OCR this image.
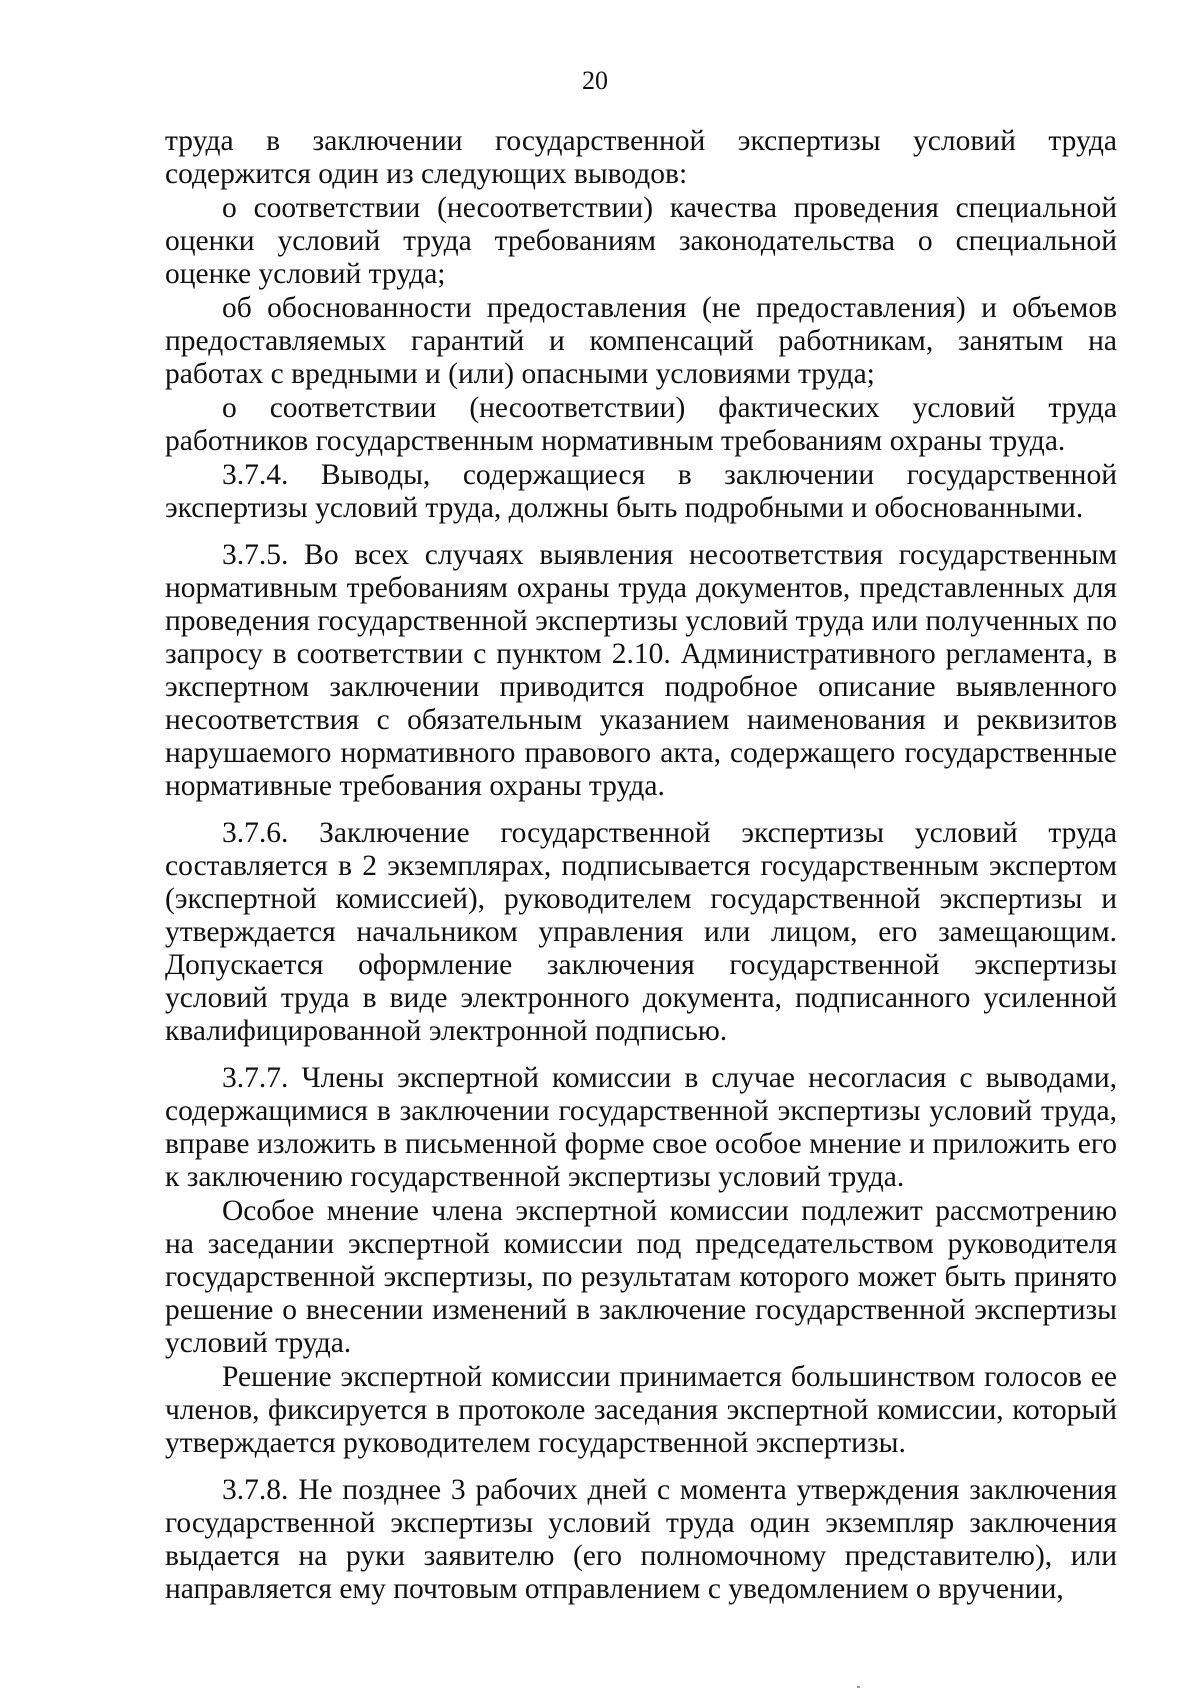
20

труда в заключении государственной экспертизы условий труда содержится один из следующих выводов:

о соответствии (несоответствии) качества проведения специальной оценки условий труда требованиям законодательства о специальной оценке условий труда;

об обоснованности предоставления (не предоставления) и объемов предоставляемых гарантий и компенсаций работникам, занятым на работах с вредными и (или) опасными условиями труда;

о соответствии (несоответствии) фактических условий труда работников государственным нормативным требованиям охраны труда.

3.7.4. Выводы, содержащиеся в заключении государственной экспертизы условий труда, должны быть подробными и обоснованными.

3.7.5. Во всех случаях выявления несоответствия государственным нормативным требованиям охраны труда документов, представленных для проведения государственной экспертизы условий труда или полученных по запросу в соответствии с пунктом 2.10. Административного регламента, в экспертном заключении приводится подробное описание выявленного несоответствия с обязательным указанием наименования и реквизитов нарушаемого нормативного правового акта, содержащего государственные нормативные требования охраны труда.

3.7.6. Заключение государственной экспертизы условий труда составляется в 2 экземплярах, подписывается государственным экспертом (экспертной комиссией), руководителем государственной экспертизы и утверждается начальником управления или лицом, его замещающим. Допускается оформление заключения государственной экспертизы условий труда в виде электронного документа, подписанного усиленной квалифицированной электронной подписью.

3.7.7. Члены экспертной комиссии в случае несогласия с выводами, содержащимися в заключении государственной экспертизы условий труда, вправе изложить в письменной форме свое особое мнение и приложить его к заключению государственной экспертизы условий труда.

Особое мнение члена экспертной комиссии подлежит рассмотрению на заседании экспертной комиссии под председательством руководителя государственной экспертизы, по результатам которого может быть принято решение о внесении изменений в заключение государственной экспертизы условий труда.

Решение экспертной комиссии принимается большинством голосов ее членов, фиксируется в протоколе заседания экспертной комиссии, который утверждается руководителем государственной экспертизы.

3.7.8. Не позднее 3 рабочих дней с момента утверждения заключения государственной экспертизы условий труда один экземпляр заключения выдается на руки заявителю (его полномочному представителю), или направляется ему почтовым отправлением с уведомлением о вручении,
